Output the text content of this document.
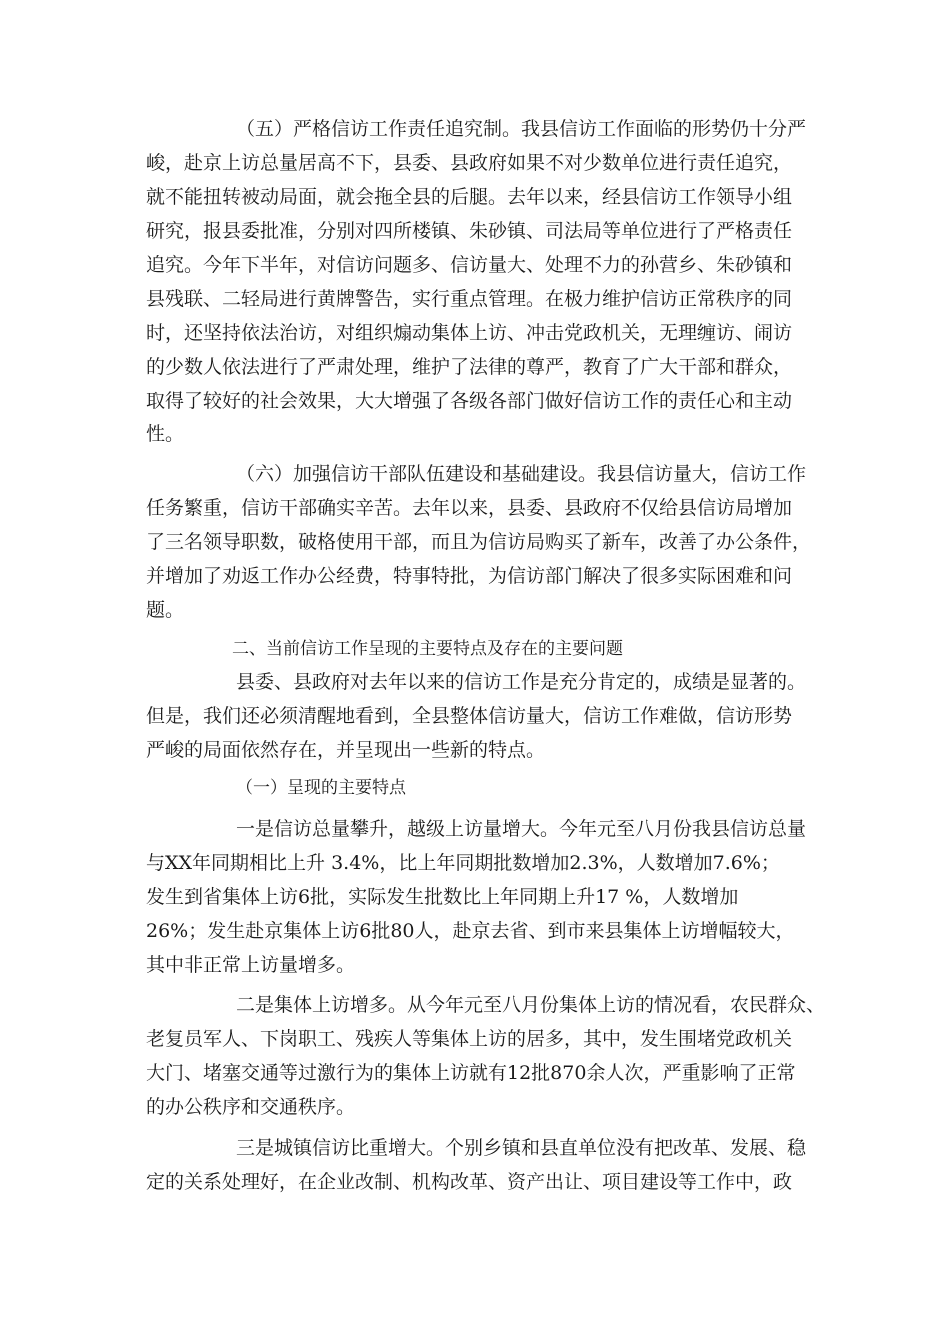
（五）严格信访工作责任追究制。我县信访工作面临的形势仍十分严

峻，赴京上访总量居高不下，县委、县政府如果不对少数单位进行责任追究，

就不能扭转被动局面，就会拖全县的后腿。去年以来，经县信访工作领导小组

研究，报县委批准，分别对四所楼镇、朱砂镇、司法局等单位进行了严格责任

追究。今年下半年，对信访问题多、信访量大、处理不力的孙营乡、朱砂镇和

县残联、二轻局进行黄牌警告，实行重点管理。在极力维护信访正常秩序的同

时，还坚持依法治访，对组织煽动集体上访、冲击党政机关，无理缠访、闹访

的少数人依法进行了严肃处理，维护了法律的尊严，教育了广大干部和群众，

取得了较好的社会效果，大大增强了各级各部门做好信访工作的责任心和主动

性。

（六）加强信访干部队伍建设和基础建设。我县信访量大，信访工作

任务繁重，信访干部确实辛苦。去年以来，县委、县政府不仅给县信访局增加

了三名领导职数，破格使用干部，而且为信访局购买了新车，改善了办公条件，

并增加了劝返工作办公经费，特事特批，为信访部门解决了很多实际困难和问

题。

二、当前信访工作呈现的主要特点及存在的主要问题

县委、县政府对去年以来的信访工作是充分肯定的，成绩是显著的。

但是，我们还必须清醒地看到，全县整体信访量大，信访工作难做，信访形势

严峻的局面依然存在，并呈现出一些新的特点。

（一）呈现的主要特点

一是信访总量攀升，越级上访量增大。今年元至八月份我县信访总量

与XX年同期相比上升 3.4%，比上年同期批数增加2.3%，人数增加7.6%；

发生到省集体上访6批，实际发生批数比上年同期上升17 %，人数增加

26%；发生赴京集体上访6批80人，赴京去省、到市来县集体上访增幅较大，

其中非正常上访量增多。

二是集体上访增多。从今年元至八月份集体上访的情况看，农民群众、

老复员军人、下岗职工、残疾人等集体上访的居多，其中，发生围堵党政机关

大门、堵塞交通等过激行为的集体上访就有12批870余人次，严重影响了正常

的办公秩序和交通秩序。

三是城镇信访比重增大。个别乡镇和县直单位没有把改革、发展、稳

定的关系处理好，在企业改制、机构改革、资产出让、项目建设等工作中，政
